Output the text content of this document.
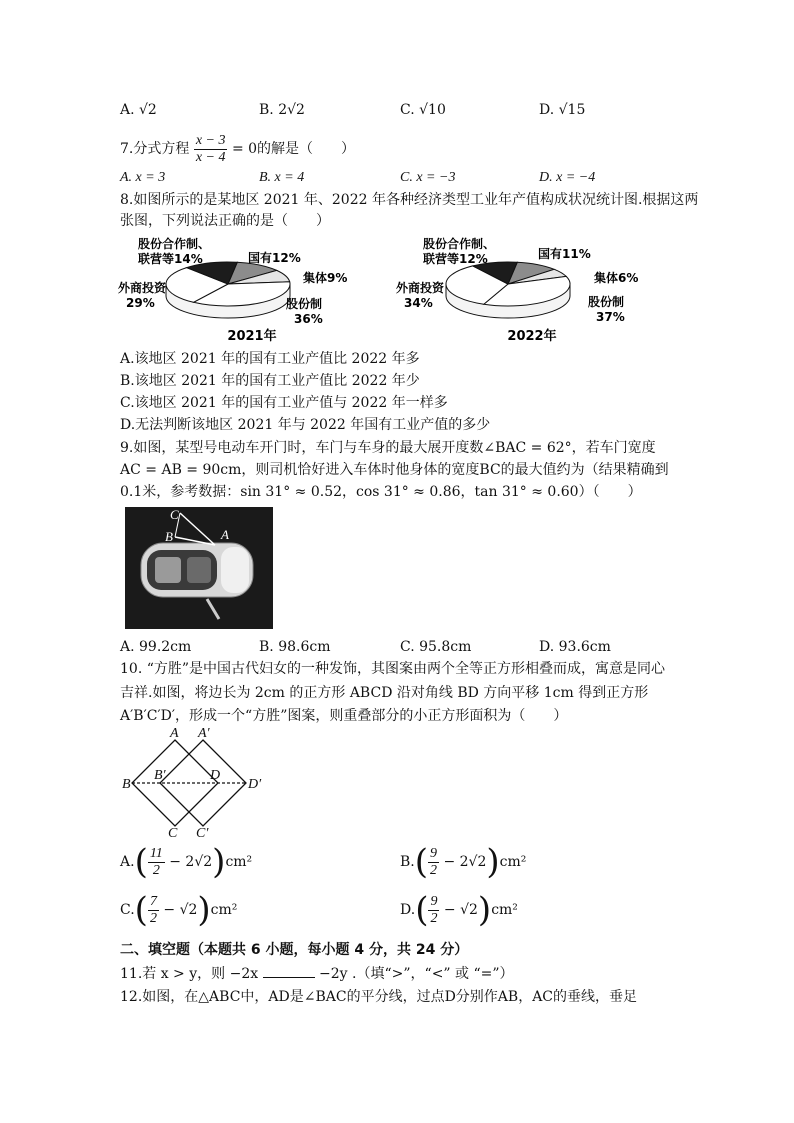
A. √2	B. 2√2	C. √10	D. √15
7.分式方程 $\frac{x - 3}{x - 4} = 0$的解是（　　）
A. x = 3	B. x = 4	C. x = −3	D. x = −4
8.如图所示的是某地区 2021 年、2022 年各种经济类型工业年产值构成状况统计图.根据这两
张图，下列说法正确的是（　　）
国有12%
集体9%
股份制 36%
外商投资 29%
股份合作制、联营等14%
2021年
国有11%
集体6%
股份制 37%
外商投资 34%
股份合作制、联营等12%
2022年
A.该地区 2021 年的国有工业产值比 2022 年多
B.该地区 2021 年的国有工业产值比 2022 年少
C.该地区 2021 年的国有工业产值与 2022 年一样多
D.无法判断该地区 2021 年与 2022 年国有工业产值的多少
9.如图，某型号电动车开门时，车门与车身的最大展开度数∠BAC = 62°，若车门宽度
AC = AB = 90cm，则司机恰好进入车体时他身体的宽度BC的最大值约为（结果精确到
0.1米，参考数据：sin 31° ≈ 0.52，cos 31° ≈ 0.86，tan 31° ≈ 0.60）（　　）
C
B	A
A. 99.2cm	B. 98.6cm	C. 95.8cm	D. 93.6cm
10. “方胜”是中国古代妇女的一种发饰，其图案由两个全等正方形相叠而成，寓意是同心
吉祥.如图，将边长为 2cm 的正方形 ABCD 沿对角线 BD 方向平移 1cm 得到正方形
A′B′C′D′，形成一个“方胜”图案，则重叠部分的小正方形面积为（　　）
A A′
B
B′	D
D′
C C′
$A.( \frac{11}{2} - 2√2)cm^2$	$B.( \frac{9}{2} - 2√2)cm^2$
$C.( \frac{7}{2} - √2)cm^2$	$D.( \frac{9}{2} - √2)cm^2$
二、填空题（本题共 6 小题，每小题 4 分，共 24 分）
11.若 x > y，则 −2x	−2y .（填“>”，“<” 或 “=”）
12.如图，在△ABC中，AD是∠BAC的平分线，过点D分别作AB，AC的垂线，垂足
